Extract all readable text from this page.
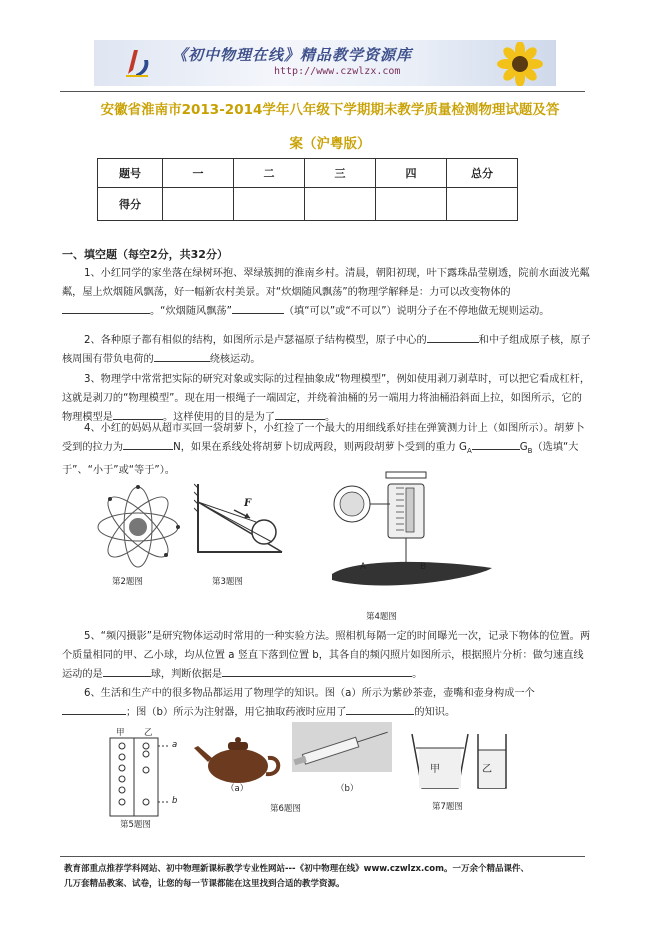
《初中物理在线》精品教学资源库
http://www.czwlzx.com
安徽省淮南市2013-2014学年八年级下学期期末教学质量检测物理试题及答
案（沪粤版）
题号	一	二	三	四	总分
得分					
一、填空题（每空2分，共32分）
1、小红同学的家坐落在绿树环抱、翠绿簇拥的淮南乡村。清晨，朝阳初现，叶下露珠晶莹剔透，院前水面波光粼粼，屋上炊烟随风飘荡，好一幅新农村美景。对“炊烟随风飘荡”的物理学解释是：力可以改变物体的。“炊烟随风飘荡”	（填“可以”或“不可以”）说明分子在不停地做无规则运动。
2、各种原子都有相似的结构，如图所示是卢瑟福原子结构模型，原子中心的	和中子组成原子核，原子核周围有带负电荷的	绕核运动。
3、物理学中常常把实际的研究对象或实际的过程抽象成“物理模型”，例如使用剥刀剥草时，可以把它看成杠杆，这就是剥刀的“物理模型”。现在用一根绳子一端固定，并绕着油桶的另一端用力将油桶沿斜面上拉，如图所示，它的物理模型是	。这样使用的目的是为了	。
4、小红的妈妈从超市买回一袋胡萝卜，小红捡了一个最大的用细线系好挂在弹簧测力计上（如图所示）。胡萝卜受到的拉力为	N，如果在系线处将胡萝卜切成两段，则两段胡萝卜受到的重力 $G_A$	$G_B$（选填“大于”、“小于”或“等于”）。
第2题图
F
第3题图
A	B
第4题图
5、“频闪摄影”是研究物体运动时常用的一种实验方法。照相机每隔一定的时间曝光一次，记录下物体的位置。两个质量相同的甲、乙小球，均从位置 a 竖直下落到位置 b，其各自的频闪照片如图所示，根据照片分析：做匀速直线运动的是	球，判断依据是	。
6、生活和生产中的很多物品都运用了物理学的知识。图（a）所示为紫砂茶壶，壶嘴和壶身构成一个；图（b）所示为注射器，用它抽取药液时应用了	的知识。
甲 乙
a
b
第5题图
（a）	（b）
第6题图
甲	乙
第7题图
教育部重点推荐学科网站、初中物理新课标教学专业性网站---《初中物理在线》www.czwlzx.com。一万余个精品课件、
几万套精品教案、试卷，让您的每一节课都能在这里找到合适的教学资源。
